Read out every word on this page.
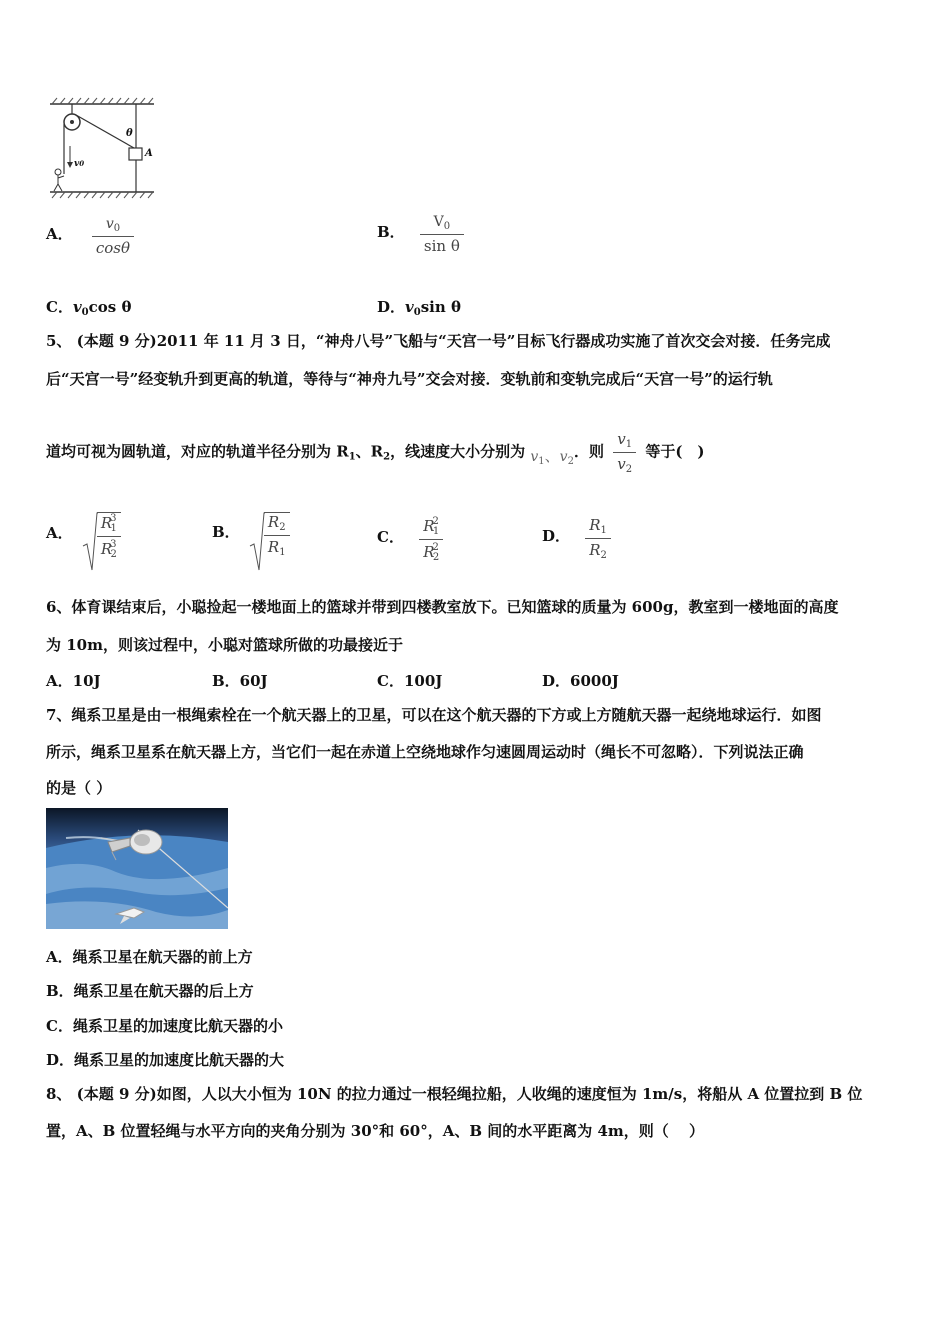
θ
A
v0
A． $\frac{v_0}{\cos\theta}$	B． $\frac{V_0}{\text{sin θ}}$
C．$v_0\cos$ θ	D．$v_0\sin$ θ
5、 (本题 9 分)2011 年 11 月 3 日，“神舟八号”飞船与“天宫一号”目标飞行器成功实施了首次交会对接．任务完成
后“天宫一号”经变轨升到更高的轨道，等待与“神舟九号”交会对接．变轨前和变轨完成后“天宫一号”的运行轨
道均可视为圆轨道，对应的轨道半径分别为 $R_1$、$R_2$，线速度大小分别为 $v_1$、$v_2$．则 $\frac{v_1}{v_2}$ 等于(　)
A． $\frac{R^3_1}{R^3_2}$	B． $\frac{R_2}{R_1}$	C． $\frac{R^2_1}{R^2_2}$	D． $\frac{R_1}{R_2}$
6、体育课结束后，小聪捡起一楼地面上的篮球并带到四楼教室放下。已知篮球的质量为 600g，教室到一楼地面的高度
为 10m，则该过程中，小聪对篮球所做的功最接近于
A．10J	B．60J	C．100J	D．6000J
7、绳系卫星是由一根绳索栓在一个航天器上的卫星，可以在这个航天器的下方或上方随航天器一起绕地球运行．如图
所示，绳系卫星系在航天器上方，当它们一起在赤道上空绕地球作匀速圆周运动时（绳长不可忽略）．下列说法正确
的是（ ）
A．绳系卫星在航天器的前上方
B．绳系卫星在航天器的后上方
C．绳系卫星的加速度比航天器的小
D．绳系卫星的加速度比航天器的大
8、 (本题 9 分)如图，人以大小恒为 10N 的拉力通过一根轻绳拉船，人收绳的速度恒为 1m/s，将船从 A 位置拉到 B 位
置，A、B 位置轻绳与水平方向的夹角分别为 30°和 60°，A、B 间的水平距离为 4m，则（　 ）
